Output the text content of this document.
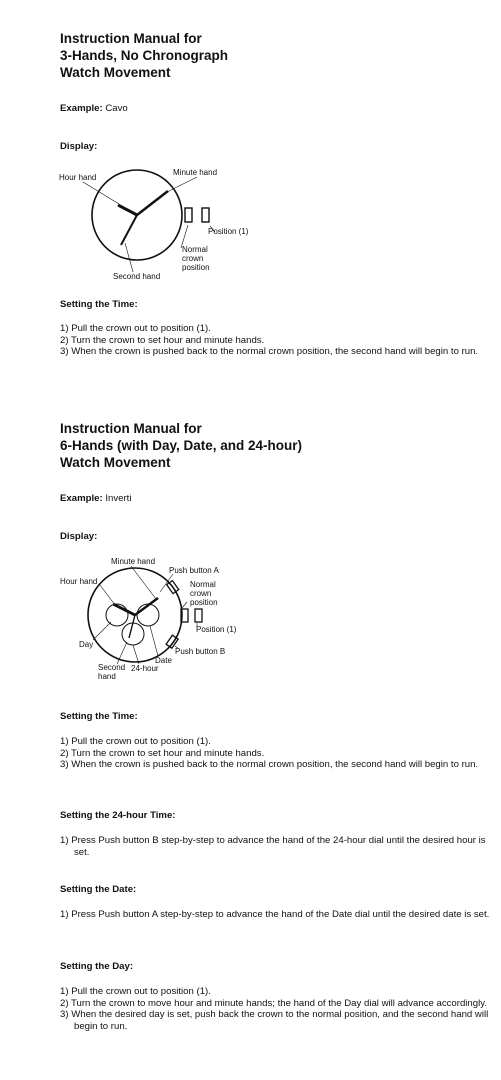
Instruction Manual for
3-Hands, No Chronograph
Watch Movement
Example: Cavo
Display:
Hour hand
Minute hand
Position (1)
Normal
crown
position
Second hand
Setting the Time:
1) Pull the crown out to position (1).
2) Turn the crown to set hour and minute hands.
3) When the crown is pushed back to the normal crown position, the second hand will begin to run.
Instruction Manual for
6-Hands (with Day, Date, and 24-hour)
Watch Movement
Example: Inverti
Display:
Minute hand
Push button A
Hour hand	Normal
crown
position
Position (1)
Day
Push button B
Date
Second
hand
24-hour
Setting the Time:
1) Pull the crown out to position (1).
2) Turn the crown to set hour and minute hands.
3) When the crown is pushed back to the normal crown position, the second hand will begin to run.
Setting the 24-hour Time:
1) Press Push button B step-by-step to advance the hand of the 24-hour dial until the desired hour is set.
Setting the Date:
1) Press Push button A step-by-step to advance the hand of the Date dial until the desired date is set.
Setting the Day:
1) Pull the crown out to position (1).
2) Turn the crown to move hour and minute hands; the hand of the Day dial will advance accordingly.
3) When the desired day is set, push back the crown to the normal position, and the second hand will begin to run.
